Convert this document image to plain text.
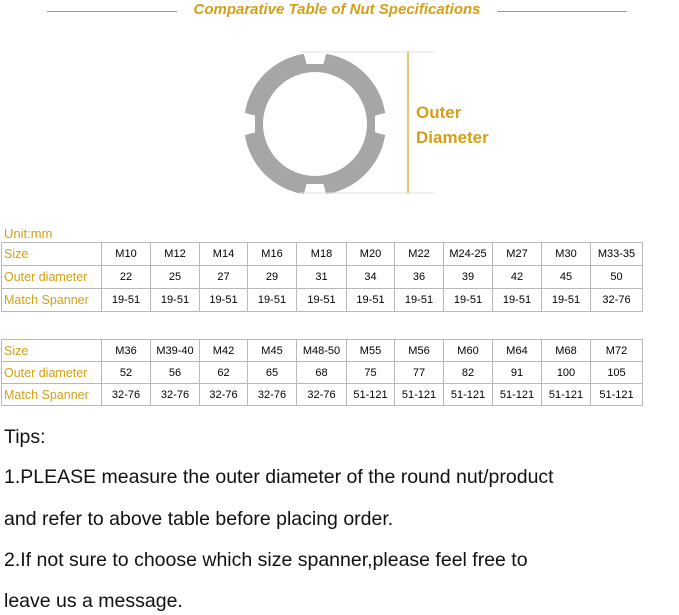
Comparative Table of Nut Specifications
Outer
Diameter
Unit:mm
Size	M10	M12	M14	M16	M18	M20	M22	M24-25	M27	M30	M33-35
Outer diameter	22	25	27	29	31	34	36	39	42	45	50
Match Spanner	19-51	19-51	19-51	19-51	19-51	19-51	19-51	19-51	19-51	19-51	32-76
Size	M36	M39-40	M42	M45	M48-50	M55	M56	M60	M64	M68	M72
Outer diameter	52	56	62	65	68	75	77	82	91	100	105
Match Spanner	32-76	32-76	32-76	32-76	32-76	51-121	51-121	51-121	51-121	51-121	51-121
Tips:
1.PLEASE measure the outer diameter of the round nut/product
and refer to above table before placing order.
2.If not sure to choose which size spanner,please feel free to
leave us a message.
